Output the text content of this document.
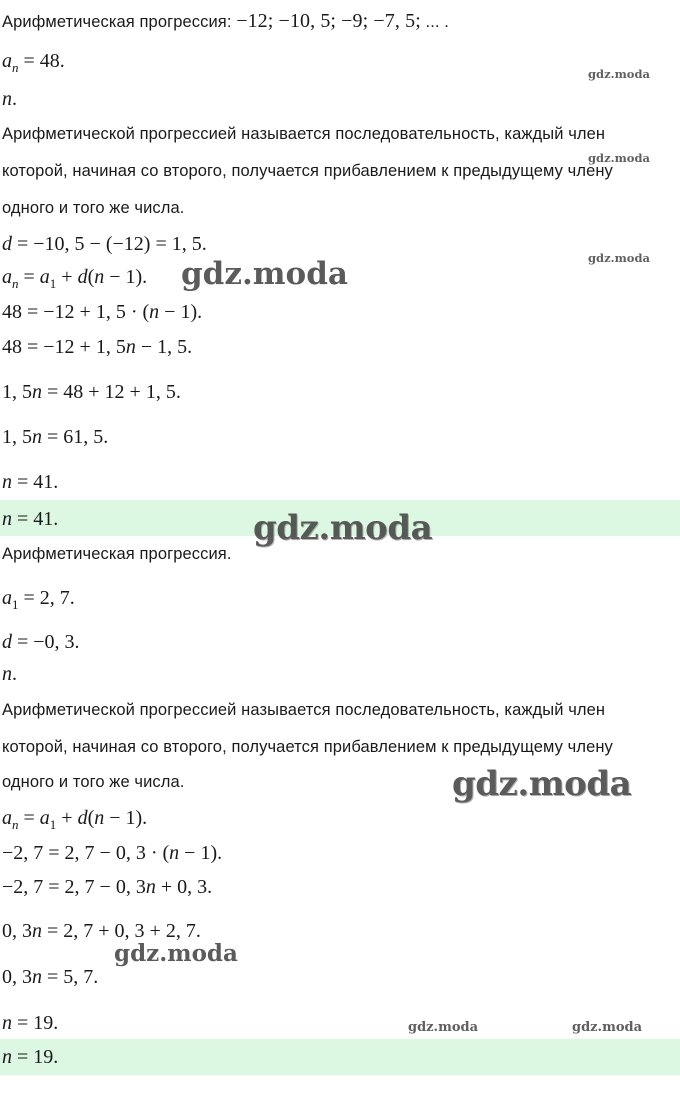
Арифметическая прогрессия: −12; −10, 5; −9; −7, 5; ... .
$a_n = 48$.
n.
Арифметической прогрессией называется последовательность, каждый член
которой, начиная со второго, получается прибавлением к предыдущему члену
одного и того же числа.
d = −10, 5 − (−12) = 1, 5.
$a_n = a_1 + d(n - 1)$.
48 = −12 + 1, 5 · (n − 1).
48 = −12 + 1, 5n − 1, 5.
1, 5n = 48 + 12 + 1, 5.
1, 5n = 61, 5.
n = 41.
n = 41.
Арифметическая прогрессия.
$a_1 = 2$, 7.
d = −0, 3.
n.
Арифметической прогрессией называется последовательность, каждый член
которой, начиная со второго, получается прибавлением к предыдущему члену
одного и того же числа.
$a_n = a_1 + d(n - 1)$.
−2, 7 = 2, 7 − 0, 3 · (n − 1).
−2, 7 = 2, 7 − 0, 3n + 0, 3.
0, 3n = 2, 7 + 0, 3 + 2, 7.
0, 3n = 5, 7.
n = 19.
n = 19.
gdz.moda
gdz.moda
gdz.moda
gdz.moda
gdz.moda
gdz.moda
gdz.moda
gdz.moda	gdz.moda
